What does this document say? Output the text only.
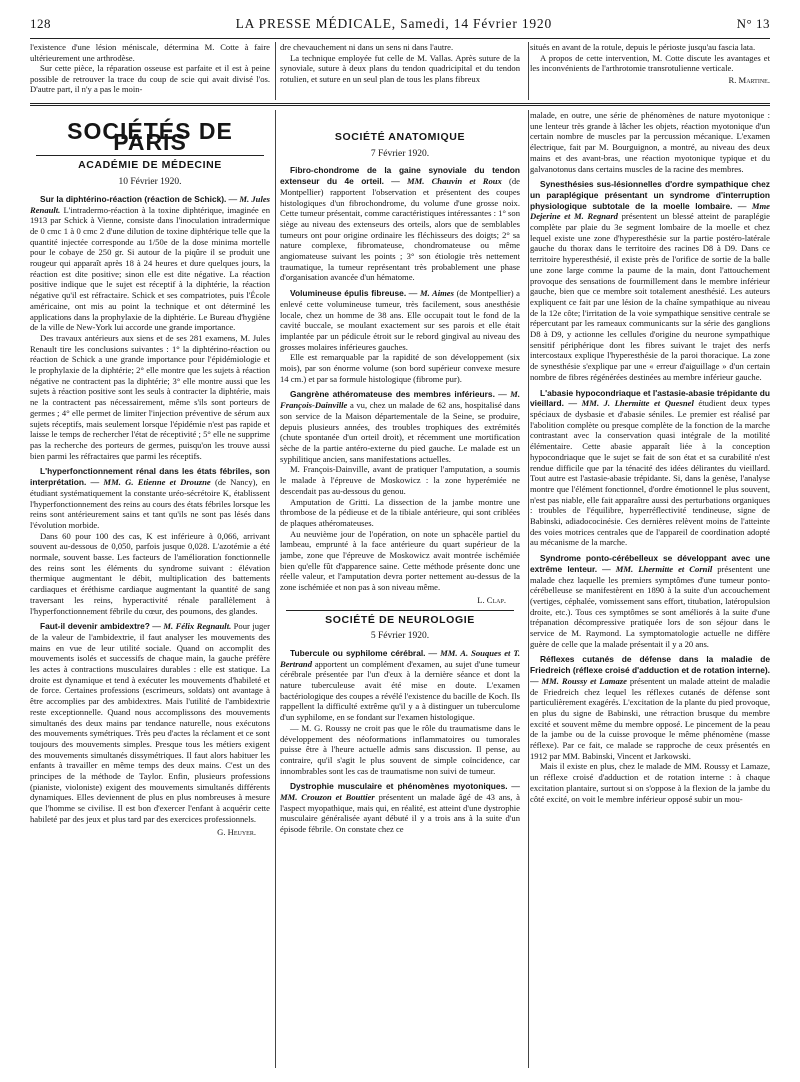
128	LA PRESSE MÉDICALE, Samedi, 14 Février 1920	N° 13

l'existence d'une lésion méniscale, détermina M. Cotte à faire ultérieurement une arthrodèse.

Sur cette pièce, la réparation osseuse est parfaite et il est à peine possible de retrouver la trace du coup de scie qui avait divisé l'os. D'autre part, il n'y a pas le moin-

dre chevauchement ni dans un sens ni dans l'autre.

La technique employée fut celle de M. Vallas. Après suture de la synoviale, suture à deux plans du tendon quadricipital et du tendon rotulien, et suture en un seul plan de tous les plans fibreux

situés en avant de la rotule, depuis le périoste jusqu'au fascia lata.

A propos de cette intervention, M. Cotte discute les avantages et les inconvénients de l'arthrotomie transrotulienne verticale.

R. Martine.
SOCIÉTÉS DE PARIS
ACADÉMIE DE MÉDECINE
10 Février 1920.

Sur la diphtérino-réaction (réaction de Schick). — M. Jules Renault. L'intradermo-réaction à la toxine diphtérique, imaginée en 1913 par Schick à Vienne, consiste dans l'inoculation intradermique de 0 cmc 1 à 0 cmc 2 d'une dilution de toxine diphtérique telle que la quantité injectée corresponde au 1/50e de la dose minima mortelle pour le cobaye de 250 gr. Si autour de la piqûre il se produit une rougeur qui apparaît après 18 à 24 heures et dure quelques jours, la réaction est dite positive; sinon elle est dite négative. La réaction positive indique que le sujet est réceptif à la diphtérie, la réaction négative qu'il est réfractaire. Schick et ses compatriotes, puis l'École américaine, ont mis au point la technique et ont déterminé les applications dans la prophylaxie de la diphtérie. Le Bureau d'hygiène de la ville de New-York lui accorde une grande importance.

Des travaux antérieurs aux siens et de ses 281 examens, M. Jules Renault tire les conclusions suivantes : 1° la diphtérino-réaction ou réaction de Schick a une grande importance pour l'épidémiologie et le prophylaxie de la diphtérie; 2° elle montre que les sujets à réaction négative ne contractent pas la diphtérie; 3° elle montre aussi que les sujets à réaction positive sont les seuls à contracter la diphtérie, mais ne la contractent pas nécessairement, même s'ils sont porteurs de germes ; 4° elle permet de limiter l'injection préventive de sérum aux sujets réceptifs, mais seulement lorsque l'épidémie n'est pas rapide et laisse le temps de rechercher l'état de réceptivité ; 5° elle ne supprime pas la recherche des porteurs de germes, puisqu'on les trouve aussi bien parmi les réfractaires que parmi les réceptifs.

L'hyperfonctionnement rénal dans les états fébriles, son interprétation. — MM. G. Etienne et Drouzne (de Nancy), en étudiant systématiquement la constante uréo-sécrétoire K, établissent l'hyperfonctionnement des reins au cours des états fébriles lorsque les reins sont antérieurement sains et tant qu'ils ne sont pas lésés dans l'évolution morbide.

Dans 60 pour 100 des cas, K est inférieure à 0,066, arrivant souvent au-dessous de 0,050, parfois jusque 0,028. L'azotémie a été normale, souvent basse. Les facteurs de l'amélioration fonctionnelle des reins sont les éléments du syndrome suivant : élévation thermique augmentant le débit, multiplication des battements cardiaques et éréthisme cardiaque augmentant la quantité de sang traversant les reins, hyperactivité rénale parallèlement à l'hyperfonctionnement fébrile du cœur, des poumons, des glandes.

Faut-il devenir ambidextre? — M. Félix Regnault. Pour juger de la valeur de l'ambidextrie, il faut analyser les mouvements des mains en vue de leur utilité sociale. Quand on accomplit des mouvements isolés et successifs de chaque main, la gauche préfère les actes à contractions musculaires durables : elle est statique. La droite est dynamique et tend à exécuter les mouvements d'habileté et de force. Certaines professions (escrimeurs, soldats) ont avantage à être accomplies par des ambidextres. Mais l'utilité de l'ambidextrie reste exceptionnelle. Quand nous accomplissons des mouvements simultanés des deux mains par tendance naturelle, nous exécutons des mouvements symétriques. Très peu d'actes la réclament et ce sont toujours des mouvements simples. Presque tous les métiers exigent des mouvements simultanés dissymétriques. Il faut alors habituer les enfants à travailler en même temps des deux mains. C'est un des principes de la méthode de Taylor. Enfin, plusieurs professions (pianiste, violoniste) exigent des mouvements simultanés différents dynamiques. Elles deviennent de plus en plus nombreuses à mesure que l'homme se civilise. Il est bon d'exercer l'enfant à acquérir cette habileté par des jeux et plus tard par des exercices professionnels.

G. Heuyer.
SOCIÉTÉ ANATOMIQUE
7 Février 1920.

Fibro-chondrome de la gaine synoviale du tendon extenseur du 4e orteil. — MM. Chauvin et Roux (de Montpellier) rapportent l'observation et présentent des coupes histologiques d'un fibrochondrome, du volume d'une grosse noix. Cette tumeur présentait, comme caractéristiques intéressantes : 1° son siège au niveau des extenseurs des orteils, alors que de semblables tumeurs ont pour origine ordinaire les fléchisseurs des doigts; 2° sa nature complexe, fibromateuse, chondromateuse ou même angiomateuse suivant les points ; 3° son étiologie très nettement traumatique, la tumeur représentant très probablement une phase d'organisation avancée d'un hématome.

Volumineuse épulis fibreuse. — M. Aimes (de Montpellier) a enlevé cette volumineuse tumeur, très facilement, sous anesthésie locale, chez un homme de 38 ans. Elle occupait tout le fond de la cavité buccale, se moulant exactement sur ses parois et elle était implantée par un pédicule étroit sur le rebord gingival au niveau des grosses molaires inférieures gauches.

Elle est remarquable par la rapidité de son développement (six mois), par son énorme volume (son bord supérieur convexe mesure 14 cm.) et par sa formule histologique (fibrome pur).

Gangrène athéromateuse des membres inférieurs. — M. François-Dainville a vu, chez un malade de 62 ans, hospitalisé dans son service de la Maison départementale de la Seine, se produire, depuis plusieurs années, des troubles trophiques des extrémités (chute spontanée d'un orteil droit), et récemment une mortification sèche de la partie antéro-externe du pied gauche. Le malade est un syphilitique ancien, sans manifestations actuelles.

M. François-Dainville, avant de pratiquer l'amputation, a soumis le malade à l'épreuve de Moskowicz : la zone hyperémiée ne descendait pas au-dessous du genou.

Amputation de Gritti. La dissection de la jambe montre une thrombose de la pédieuse et de la tibiale antérieure, qui sont criblées de plaques athéromateuses.

Au neuvième jour de l'opération, on note un sphacèle partiel du lambeau, emprunté à la face antérieure du quart supérieur de la jambe, zone que l'épreuve de Moskowicz avait montrée ischémiée bien qu'elle fût d'apparence saine. Cette méthode présente donc une réelle valeur, et l'amputation devra porter nettement au-dessus de la zone ischémiée et non pas à son niveau même.

L. Clap.
SOCIÉTÉ DE NEUROLOGIE
5 Février 1920.

Tubercule ou syphilome cérébral. — MM. A. Souques et T. Bertrand apportent un complément d'examen, au sujet d'une tumeur cérébrale présentée par l'un d'eux à la dernière séance et dont la nature tuberculeuse avait été mise en doute. L'examen bactériologique des coupes a révélé l'existence du bacille de Koch. Ils rappellent la difficulté extrême qu'il y a à distinguer un tuberculome d'un syphilome, en se fondant sur l'examen histologique.

— M. G. Roussy ne croit pas que le rôle du traumatisme dans le développement des néoformations inflammatoires ou tumorales puisse être à l'heure actuelle admis sans discussion. Il pense, au contraire, qu'il s'agit le plus souvent de simple coïncidence, car innombrables sont les cas de traumatisme non suivi de tumeur.

Dystrophie musculaire et phénomènes myotoniques. — MM. Crouzon et Bouttier présentent un malade âgé de 43 ans, à l'aspect myopathique, mais qui, en réalité, est atteint d'une dystrophie musculaire généralisée ayant débuté il y a trois ans à la suite d'un épisode fébrile. On constate chez ce

malade, en outre, une série de phénomènes de nature myotonique : une lenteur très grande à lâcher les objets, réaction myotonique d'un certain nombre de muscles par la percussion mécanique. L'examen électrique, fait par M. Bourguignon, a montré, au niveau des deux mains et des avant-bras, une réaction myotonique typique et du galvanotonus dans certains muscles de la racine des membres.

Synesthésies sus-lésionnelles d'ordre sympathique chez un paraplégique présentant un syndrome d'interruption physiologique subtotale de la moelle lombaire. — Mme Dejerine et M. Regnard présentent un blessé atteint de paraplégie complète par plaie du 3e segment lombaire de la moelle et chez lequel existe une zone d'hyperesthésie sur la partie postéro-latérale gauche du thorax dans le territoire des racines D8 à D9. Dans ce territoire hyperesthésié, il existe près de l'orifice de sortie de la balle une zone large comme la paume de la main, dont l'attouchement provoque des sensations de fourmillement dans le membre inférieur gauche, bien que ce membre soit totalement anesthésié. Les auteurs expliquent ce fait par une lésion de la chaîne sympathique au niveau de la 12e côte; l'irritation de la voie sympathique sensitive centrale se répercutant par les rameaux communicants sur la série des ganglions D8 à D9, y actionne les cellules d'origine du neurone sympathique sensitif périphérique dont les fibres suivant le trajet des nerfs intercostaux explique l'hyperesthésie de la paroi thoracique. La zone de synesthésie s'explique par une « erreur d'aiguillage » d'un certain nombre de fibres régénérées destinées au membre inférieur gauche.

L'abasie hypocondriaque et l'astasie-abasie trépidante du vieillard. — MM. J. Lhermitte et Quesnel étudient deux types spéciaux de dysbasie et d'abasie séniles. Le premier est réalisé par l'abolition complète ou presque complète de la fonction de la marche contrastant avec la conservation quasi intégrale de la motilité élémentaire. Cette abasie apparaît liée à la conception hypocondriaque que le sujet se fait de son état et sa curabilité n'est rendue difficile que par la ténacité des idées délirantes du vieillard. Tout autre est l'astasie-abasie trépidante. Si, dans la genèse, l'analyse montre que l'élément fonctionnel, d'ordre émotionnel le plus souvent, n'est pas niable, elle fait apparaître aussi des perturbations organiques : troubles de l'équilibre, hyperréflectivité tendineuse, signe de Babinski, adiadococinésie. Ces dernières relèvent moins de l'atteinte des voies motrices centrales que de l'appareil de coordination adopté au mécanisme de la marche.

Syndrome ponto-cérébelleux se développant avec une extrême lenteur. — MM. Lhermitte et Cornil présentent une malade chez laquelle les premiers symptômes d'une tumeur ponto-cérébelleuse se manifestèrent en 1890 à la suite d'un accouchement (vertiges, céphalée, vomissement sans effort, titubation, latéropulsion droite, etc.). Tous ces symptômes se sont améliorés à la suite d'une trépanation décompressive pratiquée lors de son séjour dans le service de M. Raymond. La symptomatologie actuelle ne diffère guère de celle que la malade présentait il y a 20 ans.

Réflexes cutanés de défense dans la maladie de Friedreich (réflexe croisé d'adduction et de rotation interne). — MM. Roussy et Lamaze présentent un malade atteint de maladie de Friedreich chez lequel les réflexes cutanés de défense sont particulièrement exagérés. L'excitation de la plante du pied provoque, en plus du signe de Babinski, une rétraction brusque du membre excité et souvent même du membre opposé. Le pincement de la peau de la jambe ou de la cuisse provoque le même phénomène (masse réflexe). Par ce fait, ce malade se rapproche de ceux présentés en 1912 par MM. Babinski, Vincent et Jarkowski.

Mais il existe en plus, chez le malade de MM. Roussy et Lamaze, un réflexe croisé d'adduction et de rotation interne : à chaque excitation plantaire, surtout si on s'oppose à la flexion de la jambe du côté excité, on voit le membre inférieur opposé subir un mou-
